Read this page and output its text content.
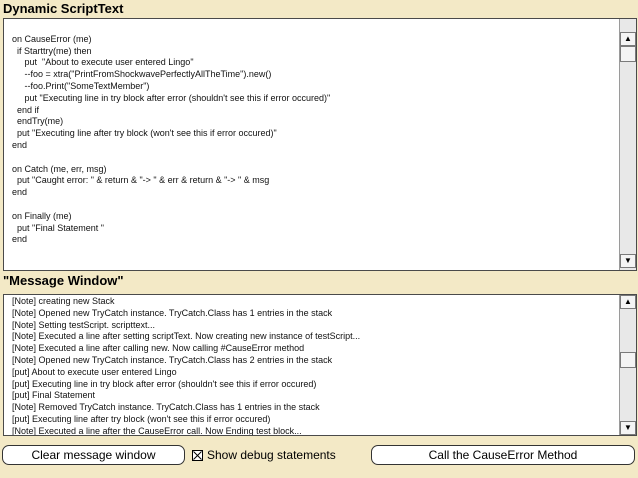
Dynamic ScriptText

on CauseError (me)
if Starttry(me) then
put  "About to execute user entered Lingo"
--foo = xtra("PrintFromShockwavePerfectlyAllTheTime").new()
--foo.Print("SomeTextMember")
put "Executing line in try block after error (shouldn't see this if error occured)"
end if
endTry(me)
put "Executing line after try block (won't see this if error occured)"
end

on Catch (me, err, msg)
put "Caught error: " & return & "-> " & err & return & "-> " & msg
end

on Finally (me)
put "Final Statement "
end
▲
▼
"Message Window"
[Note] creating new Stack
[Note] Opened new TryCatch instance. TryCatch.Class has 1 entries in the stack
[Note] Setting testScript. scripttext...
[Note] Executed a line after setting scriptText. Now creating new instance of testScript...
[Note] Executed a line after calling new. Now calling #CauseError method
[Note] Opened new TryCatch instance. TryCatch.Class has 2 entries in the stack
[put] About to execute user entered Lingo
[put] Executing line in try block after error (shouldn't see this if error occured)
[put] Final Statement
[Note] Removed TryCatch instance. TryCatch.Class has 1 entries in the stack
[put] Executing line after try block (won't see this if error occured)
[Note] Executed a line after the CauseError call. Now Ending test block...
▲
▼
Clear message window	Show debug statements	Call the CauseError Method
